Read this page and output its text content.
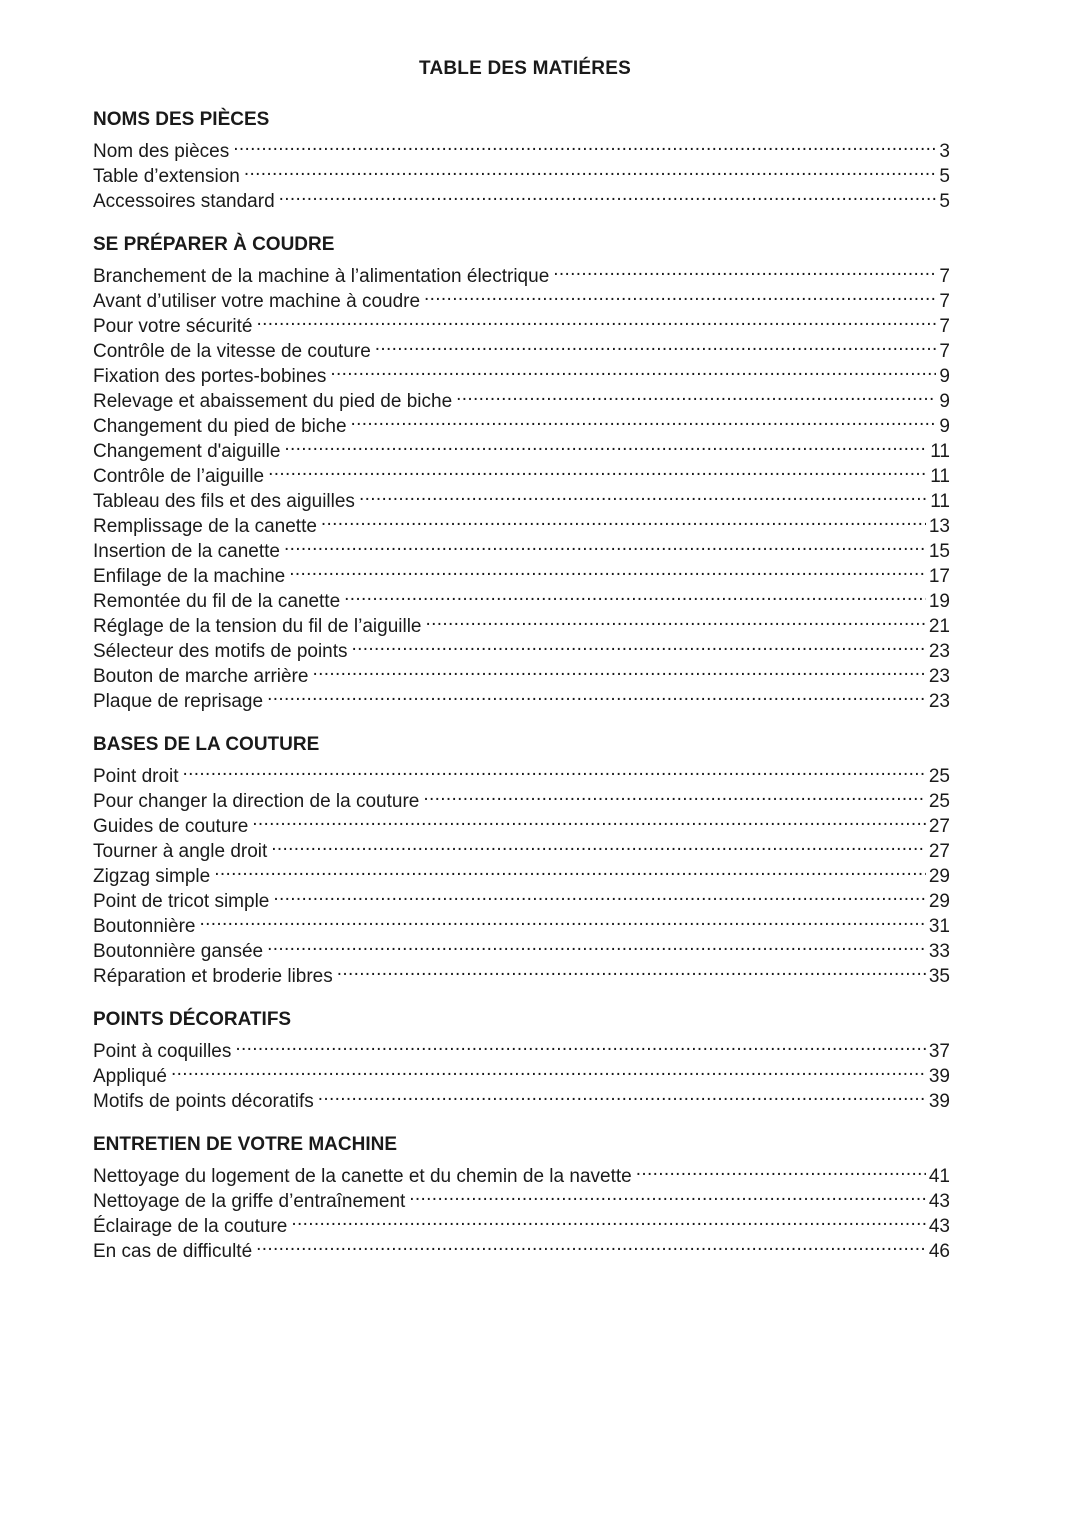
TABLE DES MATIÉRES
NOMS DES PIÈCES
Nom des pièces .....	3
Table d’extension .....	5
Accessoires standard .....	5
SE PRÉPARER À COUDRE
Branchement de la machine à l’alimentation électrique .....	7
Avant d’utiliser votre machine à coudre .....	7
Pour votre sécurité .....	7
Contrôle de la vitesse de couture .....	7
Fixation des portes-bobines .....	9
Relevage et abaissement du pied de biche .....	9
Changement du pied de biche .....	9
Changement d'aiguille .....	11
Contrôle de l’aiguille .....	11
Tableau des fils et des aiguilles .....	11
Remplissage de la canette .....	13
Insertion de la canette .....	15
Enfilage de la machine .....	17
Remontée du fil de la canette .....	19
Réglage de la tension du fil de l’aiguille .....	21
Sélecteur des motifs de points .....	23
Bouton de marche arrière .....	23
Plaque de reprisage .....	23
BASES DE LA COUTURE
Point droit .....	25
Pour changer la direction de la couture .....	25
Guides de couture .....	27
Tourner à angle droit .....	27
Zigzag simple .....	29
Point de tricot simple .....	29
Boutonnière .....	31
Boutonnière gansée .....	33
Réparation et broderie libres .....	35
POINTS DÉCORATIFS
Point à coquilles .....	37
Appliqué .....	39
Motifs de points décoratifs .....	39
ENTRETIEN DE VOTRE MACHINE
Nettoyage du logement de la canette et du chemin de la navette .....	41
Nettoyage de la griffe d’entraînement .....	43
Éclairage de la couture .....	43
En cas de difficulté .....	46
